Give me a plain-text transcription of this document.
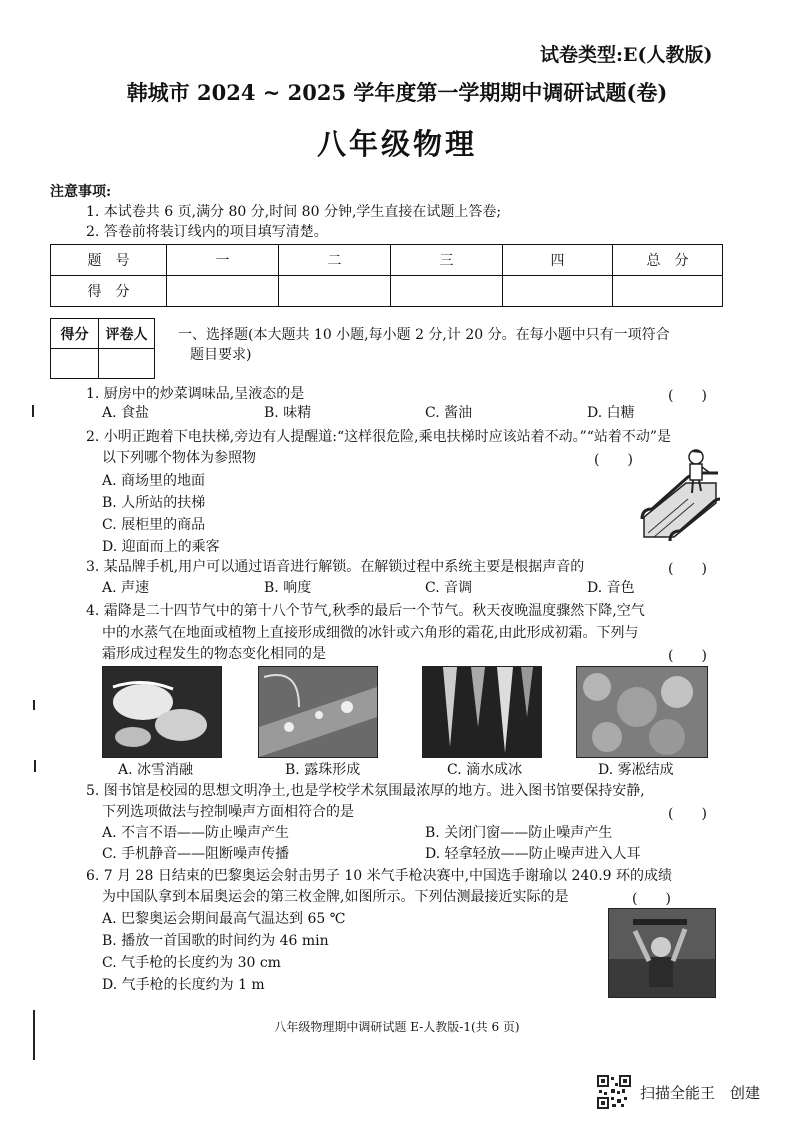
试卷类型:E(人教版)
韩城市 2024 ~ 2025 学年度第一学期期中调研试题(卷)
八年级物理
注意事项:
1. 本试卷共 6 页,满分 80 分,时间 80 分钟,学生直接在试题上答卷;
2. 答卷前将装订线内的项目填写清楚。
题　号	一	二	三	四	总　分
得　分					
得分	评卷人
	一、选择题(本大题共 10 小题,每小题 2 分,计 20 分。在每小题中只有一项符合
题目要求)
1. 厨房中的炒菜调味品,呈液态的是	(　　)
A. 食盐	B. 味精	C. 酱油	D. 白糖
2. 小明正跑着下电扶梯,旁边有人提醒道:“这样很危险,乘电扶梯时应该站着不动。”“站着不动”是
以下列哪个物体为参照物	(　　)
A. 商场里的地面
B. 人所站的扶梯
C. 展柜里的商品
D. 迎面而上的乘客
3. 某品牌手机,用户可以通过语音进行解锁。在解锁过程中系统主要是根据声音的	(　　)
A. 声速	B. 响度	C. 音调	D. 音色
4. 霜降是二十四节气中的第十八个节气,秋季的最后一个节气。秋天夜晚温度骤然下降,空气
中的水蒸气在地面或植物上直接形成细微的冰针或六角形的霜花,由此形成初霜。下列与
霜形成过程发生的物态变化相同的是	(　　)
A. 冰雪消融	B. 露珠形成	C. 滴水成冰	D. 雾凇结成
5. 图书馆是校园的思想文明净土,也是学校学术氛围最浓厚的地方。进入图书馆要保持安静,
下列选项做法与控制噪声方面相符合的是	(　　)
A. 不言不语——防止噪声产生	B. 关闭门窗——防止噪声产生
C. 手机静音——阻断噪声传播	D. 轻拿轻放——防止噪声进入人耳
6. 7 月 28 日结束的巴黎奥运会射击男子 10 米气手枪决赛中,中国选手谢瑜以 240.9 环的成绩
为中国队拿到本届奥运会的第三枚金牌,如图所示。下列估测最接近实际的是	(　　)
A. 巴黎奥运会期间最高气温达到 65 ℃
B. 播放一首国歌的时间约为 46 min
C. 气手枪的长度约为 30 cm
D. 气手枪的长度约为 1 m
八年级物理期中调研试题 E-人教版-1(共 6 页)
扫描全能王　创建
